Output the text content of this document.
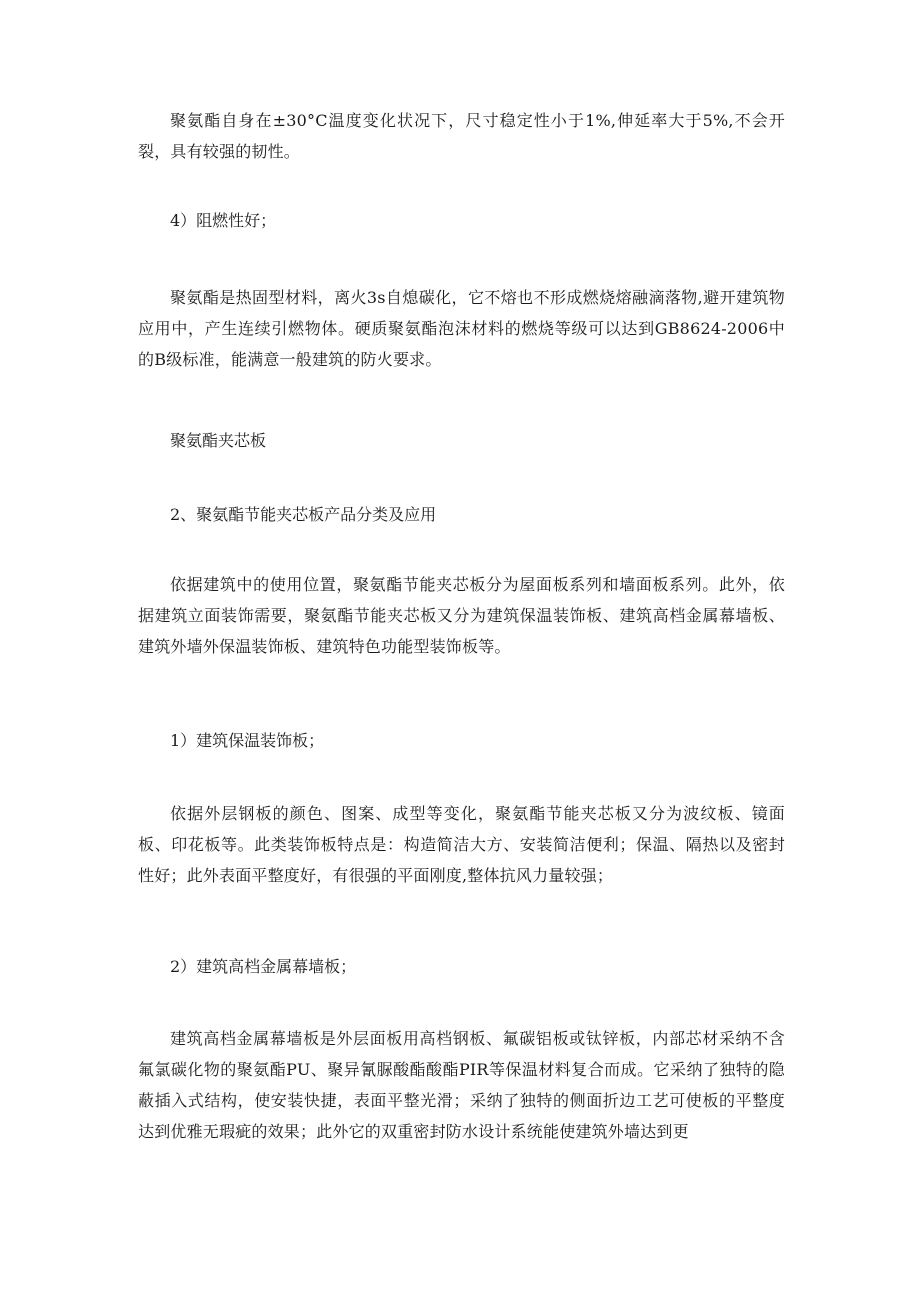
聚氨酯自身在±30°C温度变化状况下，尺寸稳定性小于1%,伸延率大于5%,不会开裂，具有较强的韧性。

4）阻燃性好；

聚氨酯是热固型材料，离火3s自熄碳化，它不熔也不形成燃烧熔融滴落物,避开建筑物应用中，产生连续引燃物体。硬质聚氨酯泡沫材料的燃烧等级可以达到GB8624-2006中的B级标准，能满意一般建筑的防火要求。

聚氨酯夹芯板

2、聚氨酯节能夹芯板产品分类及应用

依据建筑中的使用位置，聚氨酯节能夹芯板分为屋面板系列和墙面板系列。此外，依据建筑立面装饰需要，聚氨酯节能夹芯板又分为建筑保温装饰板、建筑高档金属幕墙板、建筑外墙外保温装饰板、建筑特色功能型装饰板等。

1）建筑保温装饰板；

依据外层钢板的颜色、图案、成型等变化，聚氨酯节能夹芯板又分为波纹板、镜面板、印花板等。此类装饰板特点是：构造简洁大方、安装简洁便利；保温、隔热以及密封性好；此外表面平整度好，有很强的平面刚度,整体抗风力量较强；

2）建筑高档金属幕墙板；

建筑高档金属幕墙板是外层面板用高档钢板、氟碳铝板或钛锌板，内部芯材采纳不含氟氯碳化物的聚氨酯PU、聚异氰脲酸酯酸酯PIR等保温材料复合而成。它采纳了独特的隐蔽插入式结构，使安装快捷，表面平整光滑；采纳了独特的侧面折边工艺可使板的平整度达到优雅无瑕疵的效果；此外它的双重密封防水设计系统能使建筑外墙达到更
